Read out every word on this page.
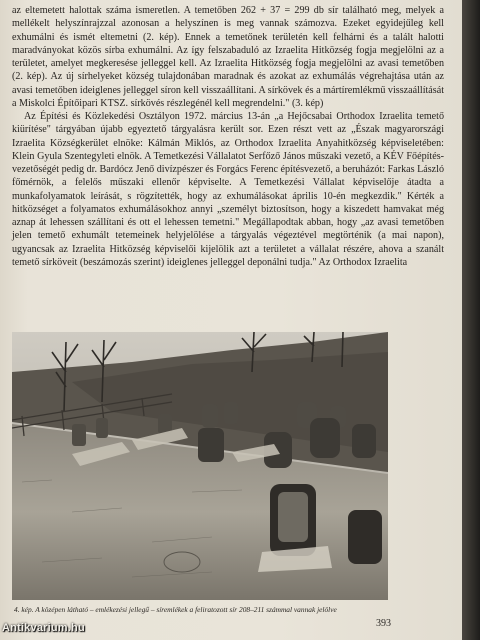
az eltemetett halottak száma ismeretlen. A temetőben 262 + 37 = 299 db sír található meg, melyek a mellékelt helyszínrajzzal azonosan a helyszínen is meg vannak számozva. Ezeket egyidejűleg kell exhumálni és ismét eltemetni (2. kép). Ennek a temetőnek területén kell felhárni és a talált halotti maradványokat közös sírba exhumálni. Az így felszabaduló az Izraelita Hitközség fogja megjelölni az a területet, amelyet megkeresése jelleggel kell. Az Izraelita Hitközség fogja megjelölni az avasi temetőben (2. kép). Az új sírhelyeket község tulajdonában maradnak és azokat az exhumálás végrehajtása után az avasi temetőben ideiglenes jelleggel síron kell visszaállítani. A sírkövek és a mártíremlékmű visszaállítását a Miskolci Építőipari KTSZ. sírkövés részlegénél kell megrendelni." (3. kép)

Az Építési és Közlekedési Osztályon 1972. március 13-án „a Hejőcsabai Orthodox Izraelita temető kiürítése" tárgyában újabb egyeztető tárgyalásra került sor. Ezen részt vett az „Észak magyarországi Izraelita Községkerület elnöke: Kálmán Miklós, az Orthodox Izraelita Anyahitközség képviseletében: Klein Gyula Szentegyleti elnök. A Temetkezési Vállalatot Serfőző János műszaki vezető, a KÉV Főépítés-vezetőségét pedig dr. Bardócz Jenő divízpészer és Forgács Ferenc építésvezető, a beruházót: Farkas László főmérnök, a felelős műszaki ellenőr képviselte. A Temetkezési Vállalat képviselője átadta a munkafolyamatok leírását, s rögzítették, hogy az exhumálásokat április 10-én megkezdik." Kérték a hitközséget a folyamatos exhumálásokhoz annyi „személyt biztosítson, hogy a kiszedett hamvakat még aznap át lehessen szállítani és ott el lehessen temetni." Megállapodtak abban, hogy „az avasi temetőben jelen temető exhumált tetemeinek helyjelölése a tárgyalás végeztével megtörténik (a mai napon), ugyancsak az Izraelita Hitközség képviselői kijelölik azt a területet a vállalat részére, ahova a szanált temető sírköveit (beszámozás szerint) ideiglenes jelleggel deponálni tudja." Az Orthodox Izraelita

4. kép. A középen látható – emlékezési jellegű – síremlékek a feliratozott sír 208–211 számmal vannak jelölve
393
Antikvarium.hu
